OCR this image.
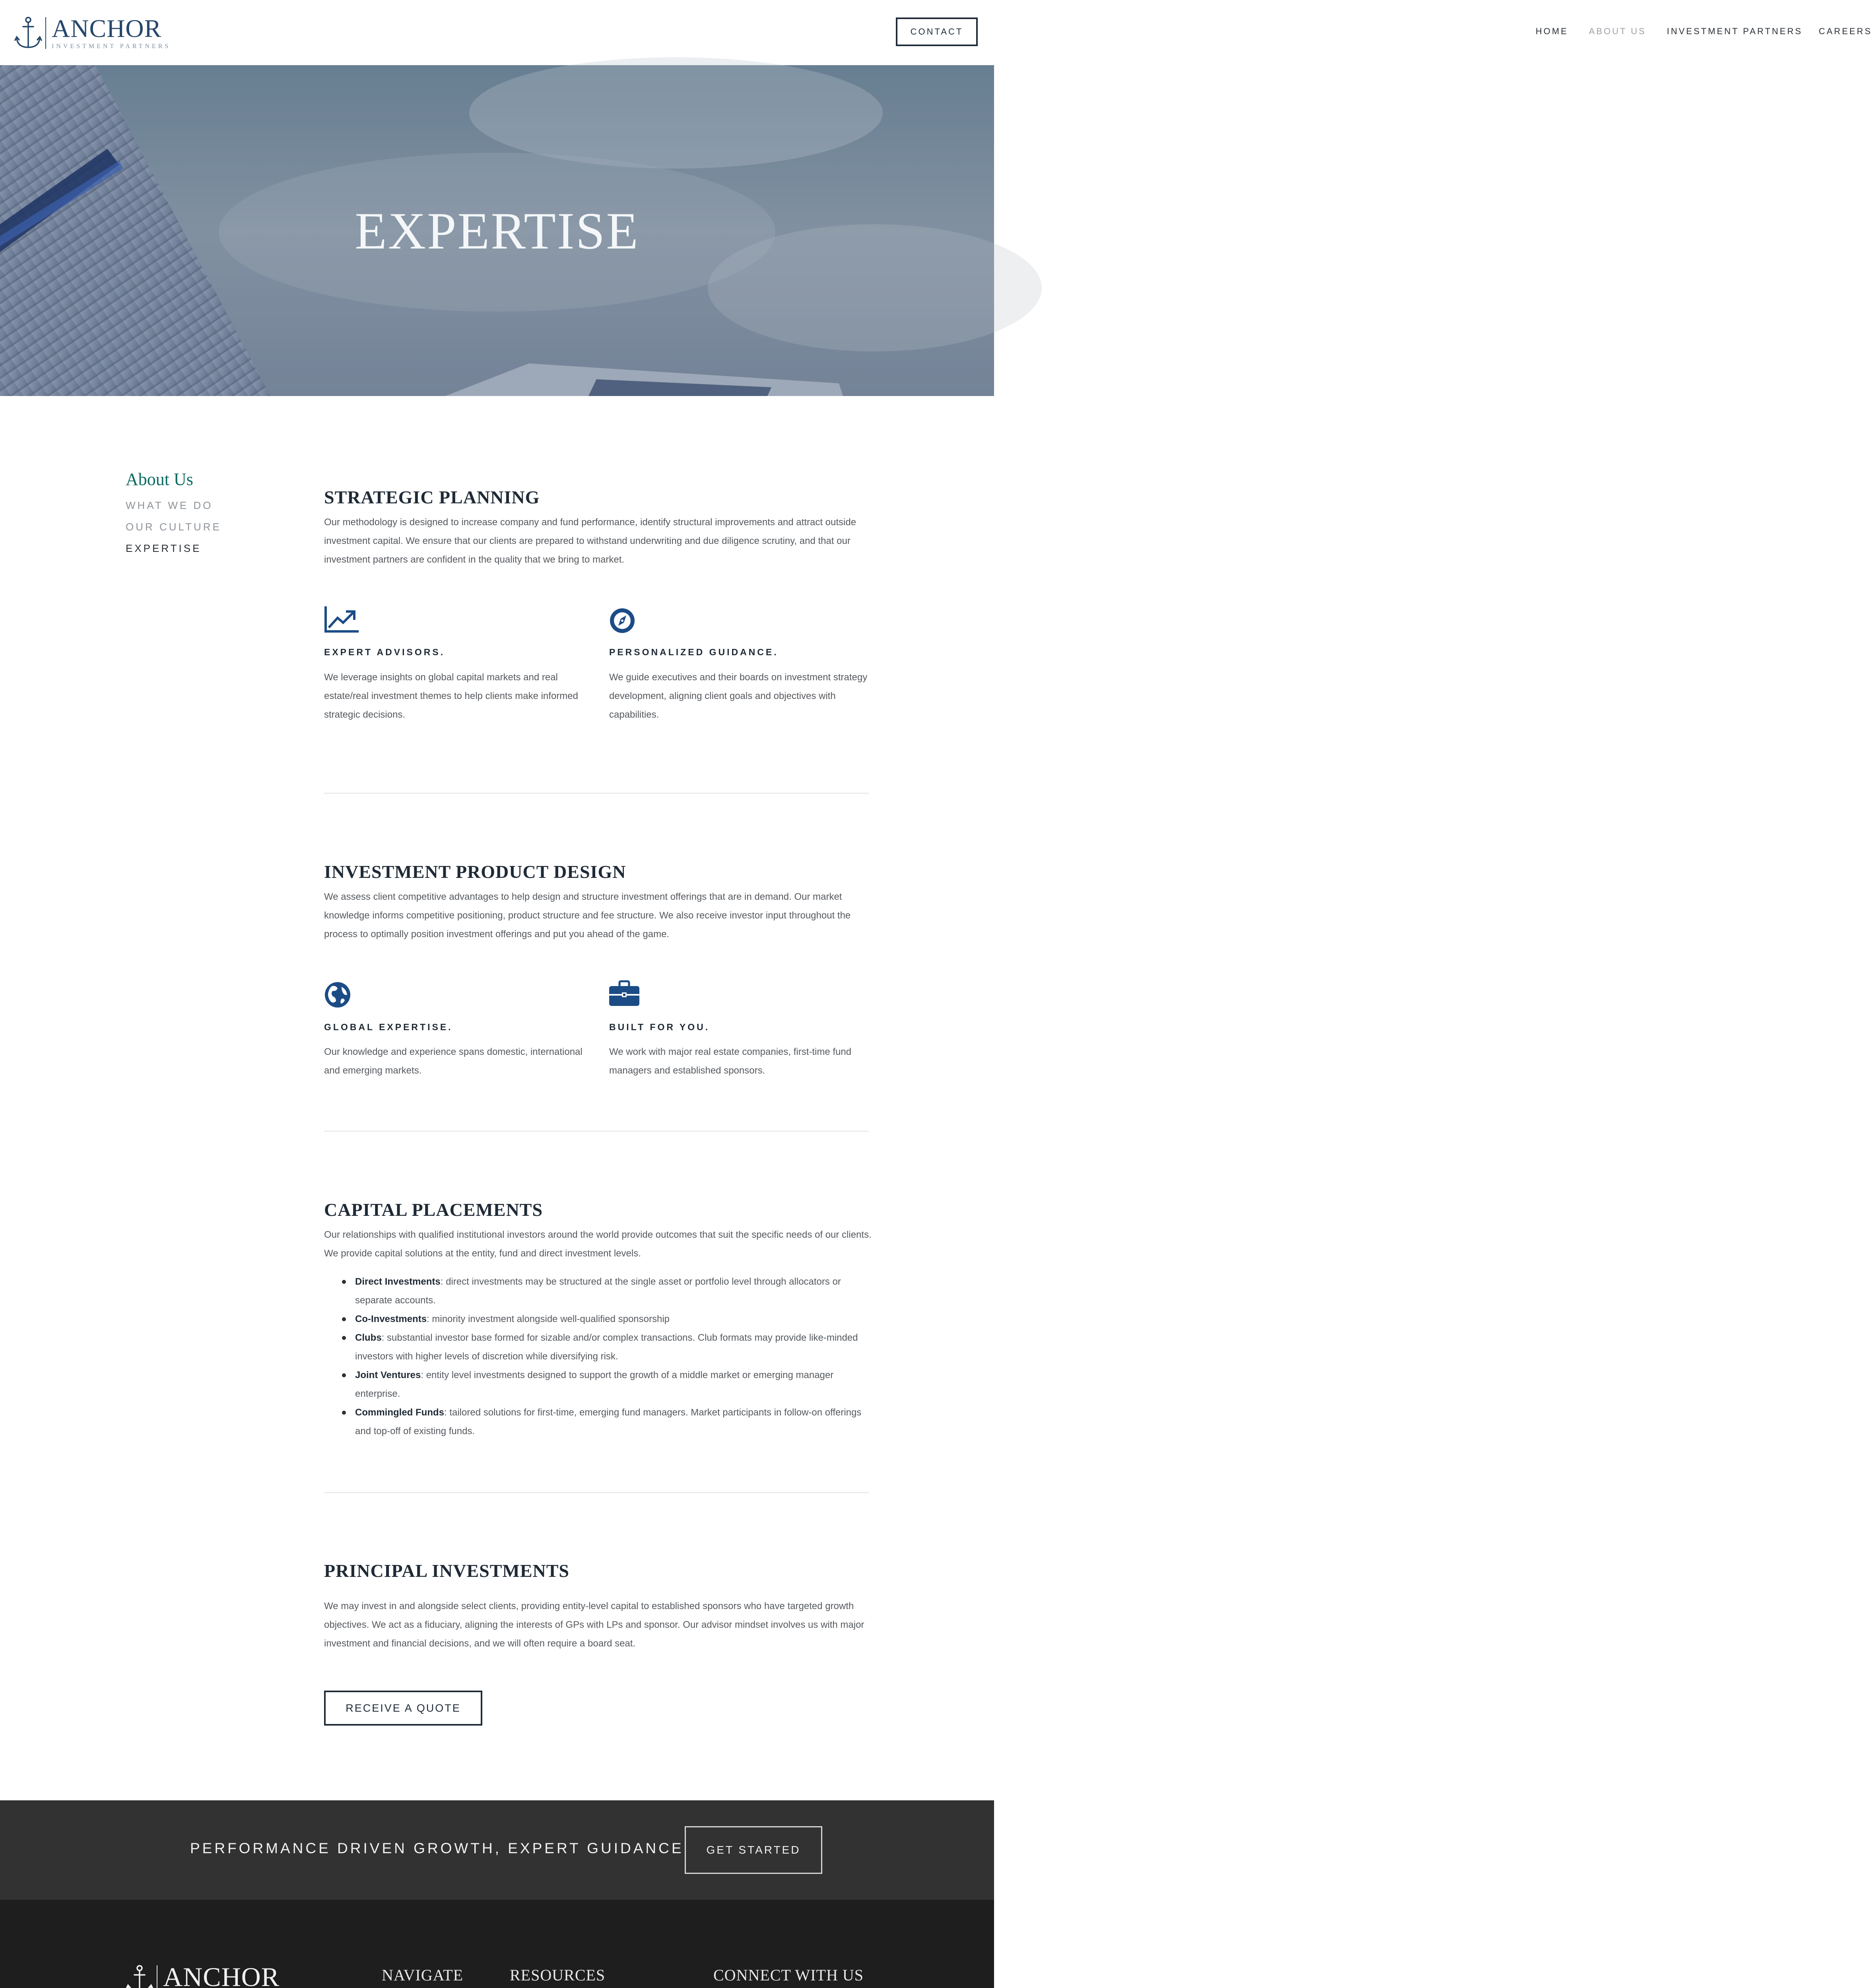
ANCHOR
INVESTMENT PARTNERS
HOME ABOUT US INVESTMENT PARTNERS CAREERS
CONTACT
EXPERTISE
About Us
WHAT WE DO
OUR CULTURE
EXPERTISE
STRATEGIC PLANNING

Our methodology is designed to increase company and fund performance, identify structural improvements and attract outside investment capital. We ensure that our clients are prepared to withstand underwriting and due diligence scrutiny, and that our investment partners are confident in the quality that we bring to market.

EXPERT ADVISORS.

We leverage insights on global capital markets and real estate/real investment themes to help clients make informed strategic decisions.

PERSONALIZED GUIDANCE.

We guide executives and their boards on investment strategy development, aligning client goals and objectives with capabilities.

INVESTMENT PRODUCT DESIGN

We assess client competitive advantages to help design and structure investment offerings that are in demand. Our market knowledge informs competitive positioning, product structure and fee structure. We also receive investor input throughout the process to optimally position investment offerings and put you ahead of the game.

GLOBAL EXPERTISE.

Our knowledge and experience spans domestic, international and emerging markets.

BUILT FOR YOU.

We work with major real estate companies, first-time fund managers and established sponsors.

CAPITAL PLACEMENTS

Our relationships with qualified institutional investors around the world provide outcomes that suit the specific needs of our clients. We provide capital solutions at the entity, fund and direct investment levels.

Direct Investments: direct investments may be structured at the single asset or portfolio level through allocators or separate accounts.
Co-Investments: minority investment alongside well-qualified sponsorship
Clubs: substantial investor base formed for sizable and/or complex transactions. Club formats may provide like-minded investors with higher levels of discretion while diversifying risk.
Joint Ventures: entity level investments designed to support the growth of a middle market or emerging manager enterprise.
Commingled Funds: tailored solutions for first-time, emerging fund managers. Market participants in follow-on offerings and top-off of existing funds.
PRINCIPAL INVESTMENTS

We may invest in and alongside select clients, providing entity-level capital to established sponsors who have targeted growth objectives. We act as a fiduciary, aligning the interests of GPs with LPs and sponsor. Our advisor mindset involves us with major investment and financial decisions, and we will often require a board seat.

RECEIVE A QUOTE
PERFORMANCE DRIVEN GROWTH, EXPERT GUIDANCE	GET STARTED
ANCHOR	NAVIGATE	RESOURCES	CONNECT WITH US
